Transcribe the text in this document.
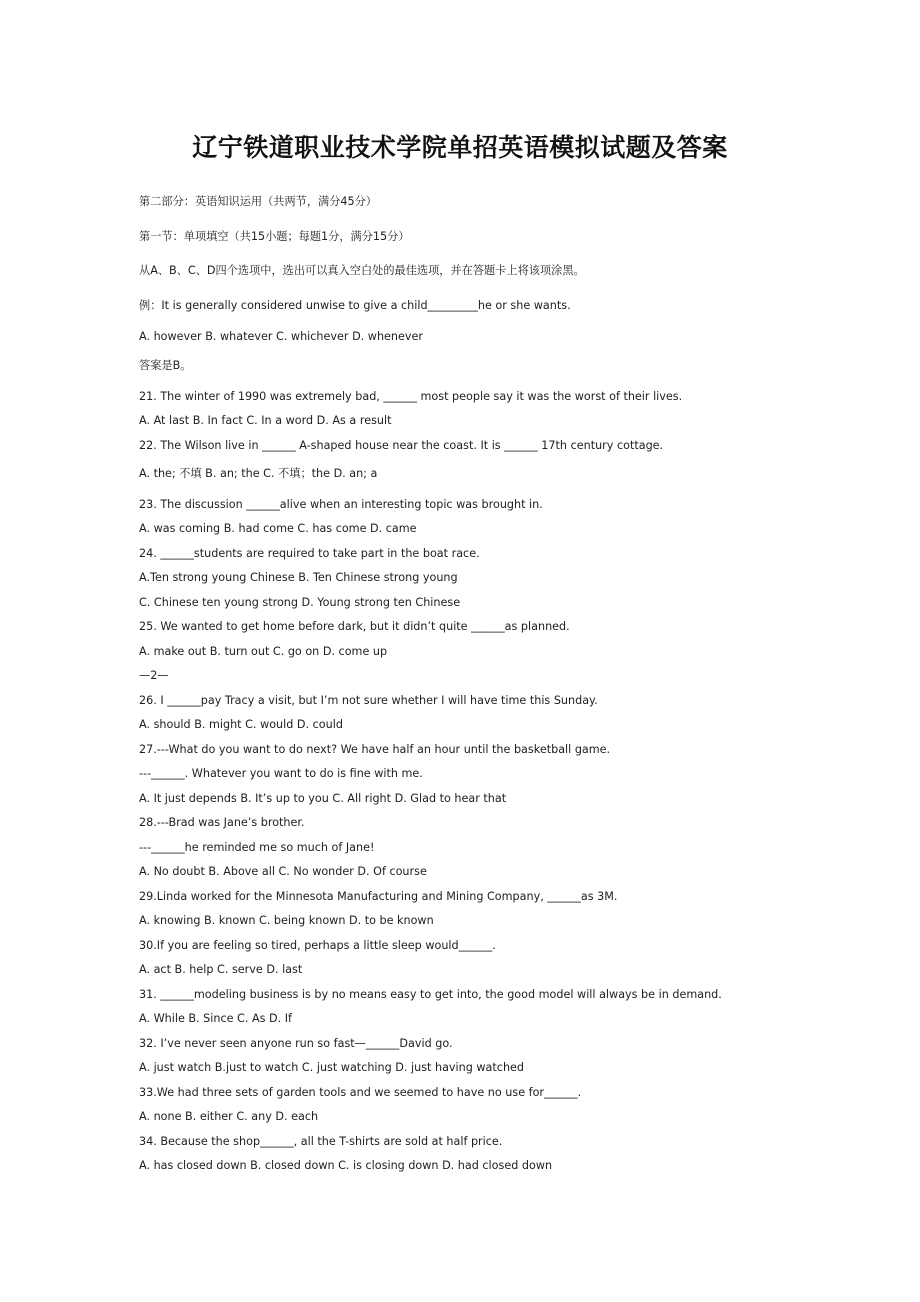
辽宁铁道职业技术学院单招英语模拟试题及答案
第二部分：英语知识运用（共两节，满分45分）
第一节：单项填空（共15小题；每题1分，满分15分）
从A、B、C、D四个选项中，选出可以真入空白处的最佳选项，并在答题卡上将该项涂黑。
例：It is generally considered unwise to give a child_________he or she wants.
A. however B. whatever C. whichever D. whenever
答案是B。
21. The winter of 1990 was extremely bad, ______ most people say it was the worst of their lives.
A. At last B. In fact C. In a word D. As a result
22. The Wilson live in ______ A-shaped house near the coast. It is ______ 17th century cottage.
A. the; 不填 B. an; the C. 不填；the D. an; a
23. The discussion ______alive when an interesting topic was brought in.
A. was coming B. had come C. has come D. came
24. ______students are required to take part in the boat race.
A.Ten strong young Chinese B. Ten Chinese strong young
C. Chinese ten young strong D. Young strong ten Chinese
25. We wanted to get home before dark, but it didn’t quite ______as planned.
A. make out B. turn out C. go on D. come up
—2—
26. I ______pay Tracy a visit, but I’m not sure whether I will have time this Sunday.
A. should B. might C. would D. could
27.---What do you want to do next? We have half an hour until the basketball game.
---______. Whatever you want to do is fine with me.
A. It just depends B. It’s up to you C. All right D. Glad to hear that
28.---Brad was Jane’s brother.
---______he reminded me so much of Jane!
A. No doubt B. Above all C. No wonder D. Of course
29.Linda worked for the Minnesota Manufacturing and Mining Company, ______as 3M.
A. knowing B. known C. being known D. to be known
30.If you are feeling so tired, perhaps a little sleep would______.
A. act B. help C. serve D. last
31. ______modeling business is by no means easy to get into, the good model will always be in demand.
A. While B. Since C. As D. If
32. I’ve never seen anyone run so fast—______David go.
A. just watch B.just to watch C. just watching D. just having watched
33.We had three sets of garden tools and we seemed to have no use for______.
A. none B. either C. any D. each
34. Because the shop______, all the T-shirts are sold at half price.
A. has closed down B. closed down C. is closing down D. had closed down
